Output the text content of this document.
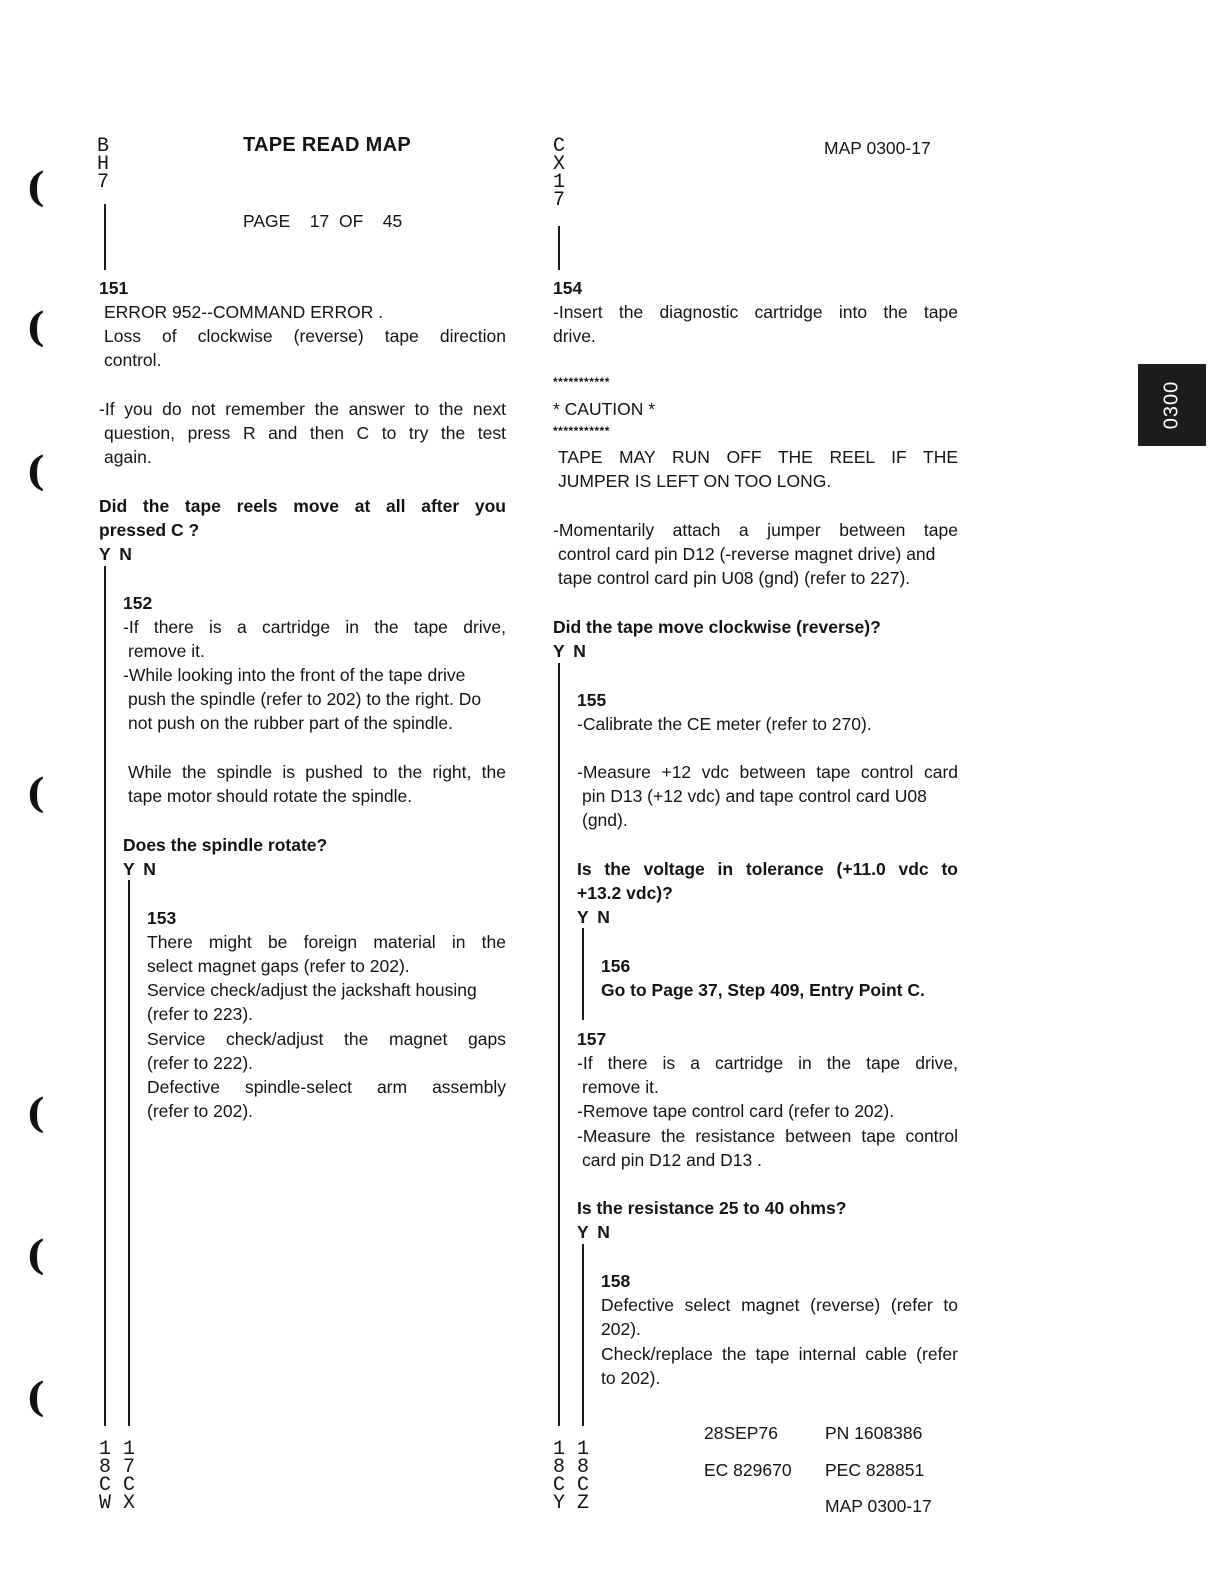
(
(
(
(
(
(
(
0300
B
H
7
TAPE READ MAP
PAGE 17 OF 45
C
X
1
7
MAP 0300-17
151
ERROR 952--COMMAND ERROR .
Loss of clockwise (reverse) tape direction
control.
-If you do not remember the answer to the next
question, press R and then C to try the test
again.
Did the tape reels move at all after you
pressed C ?
Y N
152
-If there is a cartridge in the tape drive,
remove it.
-While looking into the front of the tape drive
push the spindle (refer to 202) to the right. Do
not push on the rubber part of the spindle.
While the spindle is pushed to the right, the
tape motor should rotate the spindle.
Does the spindle rotate?
Y N
153
There might be foreign material in the
select magnet gaps (refer to 202).
Service check/adjust the jackshaft housing
(refer to 223).
Service check/adjust the magnet gaps
(refer to 222).
Defective spindle-select arm assembly
(refer to 202).
1
8
C
W
1
7
C
X
154
-Insert the diagnostic cartridge into the tape
drive.
***********
* CAUTION *
***********
TAPE MAY RUN OFF THE REEL IF THE
JUMPER IS LEFT ON TOO LONG.
-Momentarily attach a jumper between tape
control card pin D12 (-reverse magnet drive) and
tape control card pin U08 (gnd) (refer to 227).
Did the tape move clockwise (reverse)?
Y N
155
-Calibrate the CE meter (refer to 270).
-Measure +12 vdc between tape control card
pin D13 (+12 vdc) and tape control card U08
(gnd).
Is the voltage in tolerance (+11.0 vdc to
+13.2 vdc)?
Y N
156
Go to Page 37, Step 409, Entry Point C.
157
-If there is a cartridge in the tape drive,
remove it.
-Remove tape control card (refer to 202).
-Measure the resistance between tape control
card pin D12 and D13 .
Is the resistance 25 to 40 ohms?
Y N
158
Defective select magnet (reverse) (refer to
202).
Check/replace the tape internal cable (refer
to 202).
1
8
C
Y
1
8
C
Z
28SEP76	PN 1608386
EC 829670 PEC 828851
MAP 0300-17
